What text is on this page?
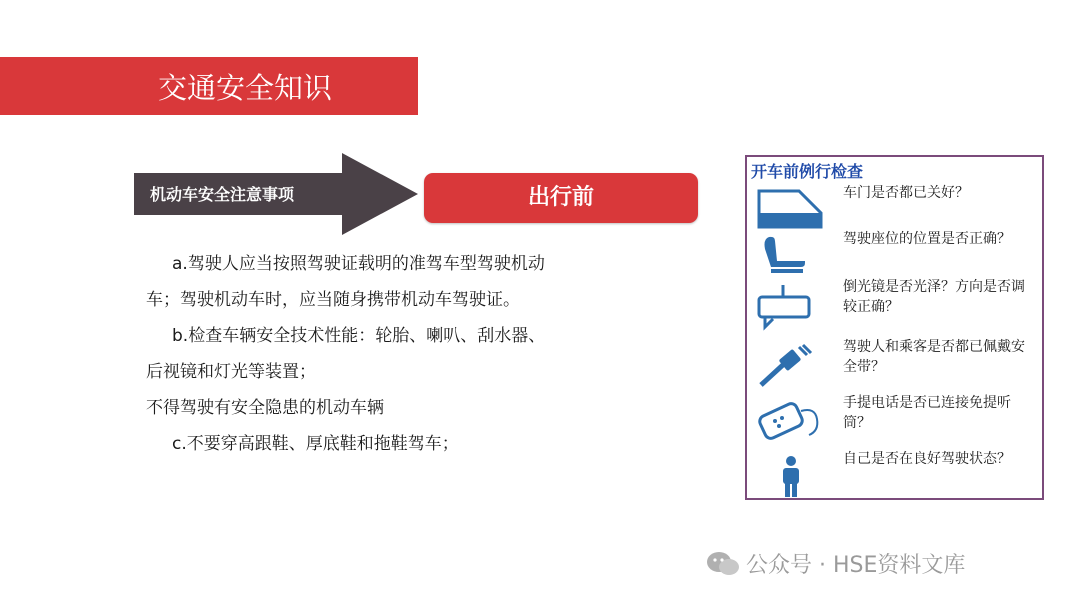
交通安全知识
机动车安全注意事项	出行前
a.驾驶人应当按照驾驶证载明的准驾车型驾驶机动
车；驾驶机动车时，应当随身携带机动车驾驶证。
b.检查车辆安全技术性能：轮胎、喇叭、刮水器、
后视镜和灯光等装置；
不得驾驶有安全隐患的机动车辆
c.不要穿高跟鞋、厚底鞋和拖鞋驾车；
开车前例行检查
车门是否都已关好？
驾驶座位的位置是否正确？
倒光镜是否光泽？方向是否调较正确？
驾驶人和乘客是否都已佩戴安全带？
手提电话是否已连接免提听筒？
自己是否在良好驾驶状态？
公众号 · HSE资料文库
